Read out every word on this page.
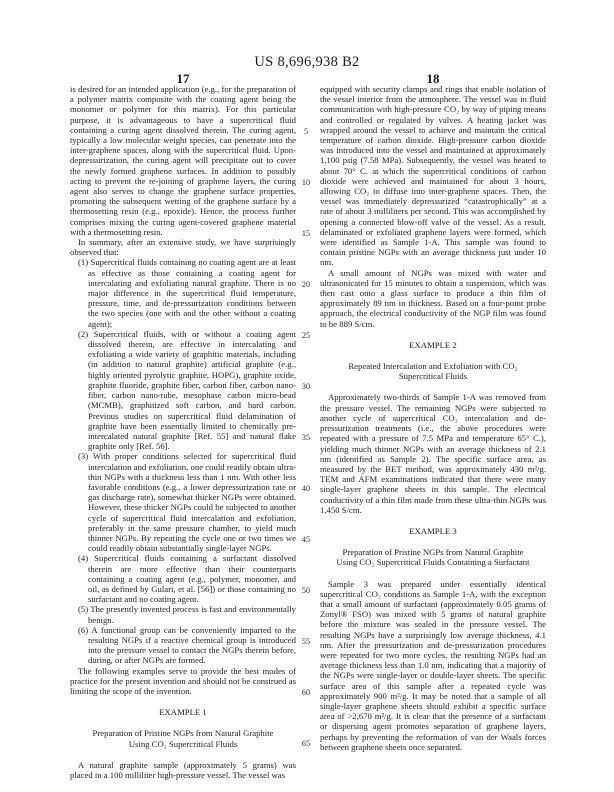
US 8,696,938 B2
17	18
5
10
15
20
25
30
35
40
45
50
55
60
65
is desired for an intended application (e.g., for the preparation of a polymer matrix composite with the coating agent being the monomer or polymer for this matrix). For this particular purpose, it is advantageous to have a supercritical fluid containing a curing agent dissolved therein. The curing agent, typically a low molecular weight species, can penetrate into the inter-graphene spaces, along with the supercritical fluid. Upon-depressurization, the curing agent will precipitate out to cover the newly formed graphene surfaces. In addition to possibly acting to prevent the re-joining of graphene layers, the curing agent also serves to change the graphene surface properties, promoting the subsequent wetting of the graphene surface by a thermosetting resin (e.g., epoxide). Hence, the process further comprises mixing the curing agent-covered graphene material with a thermosetting resin.
In summary, after an extensive study, we have surprisingly observed that:
(1) Supercritical fluids containing no coating agent are at least as effective as those containing a coating agent for intercalating and exfoliating natural graphite. There is no major difference in the supercritical fluid temperature, pressure, time, and de-pressurization conditions between the two species (one with and the other without a coating agent);
(2) Supercritical fluids, with or without a coating agent dissolved therein, are effective in intercalating and exfoliating a wide variety of graphitic materials, including (in addition to natural graphite) artificial graphite (e.g., highly oriented pyrolytic graphite, HOPG), graphite oxide, graphite fluoride, graphite fiber, carbon fiber, carbon nano-fiber, carbon nano-tube, mesophase carbon micro-bead (MCMB), graphitized soft carbon, and hard carbon. Previous studies on supercritical fluid delamination of graphite have been essentially limited to chemically pre-intercalated natural graphite [Ref. 55] and natural flake graphite only [Ref. 56].
(3) With proper conditions selected for supercritical fluid intercalation and exfoliation, one could readily obtain ultra-thin NGPs with a thickness less than 1 nm. With other less favorable conditions (e.g., a lower depressurization rate or gas discharge rate), somewhat thicker NGPs were obtained. However, these thicker NGPs could be subjected to another cycle of supercritical fluid intercalation and exfoliation, preferably in the same pressure chamber, to yield much thinner NGPs. By repeating the cycle one or two times we could readily obtain substantially single-layer NGPs.
(4) Supercritical fluids containing a surfactant dissolved therein are more effective than their counterparts containing a coating agent (e.g., polymer, monomer, and oil, as defined by Gulari, et al. [56]) or those containing no surfactant and no coating agent.
(5) The presently invented process is fast and environmentally benign.
(6) A functional group can be conveniently imparted to the resulting NGPs if a reactive chemical group is introduced into the pressure vessel to contact the NGPs therein before, during, or after NGPs are formed.
The following examples serve to provide the best modes of practice for the present invention and should not be construed as limiting the scope of the invention.
EXAMPLE 1
Preparation of Pristine NGPs from Natural Graphite Using CO₂ Supercritical Fluids
A natural graphite sample (approximately 5 grams) was placed in a 100 milliliter high-pressure vessel. The vessel was
equipped with security clamps and rings that enable isolation of the vessel interior from the atmosphere. The vessel was in fluid communication with high-pressure CO₂ by way of piping means and controlled or regulated by valves. A heating jacket was wrapped around the vessel to achieve and maintain the critical temperature of carbon dioxide. High-pressure carbon dioxide was introduced into the vessel and maintained at approximately 1,100 psig (7.58 MPa). Subsequently, the vessel was heated to about 70° C. at which the supercritical conditions of carbon dioxide were achieved and maintained for about 3 hours, allowing CO₂ to diffuse into inter-graphene spaces. Then, the vessel was immediately depressurized “catastrophically” at a rate of about 3 milliliters per second. This was accomplished by opening a connected blow-off valve of the vessel. As a result, delaminated or exfoliated graphene layers were formed, which were identified as Sample 1-A. This sample was found to contain pristine NGPs with an average thickness just under 10 nm.
A small amount of NGPs was mixed with water and ultrasonicated for 15 minutes to obtain a suspension, which was then cast onto a glass surface to produce a thin film of approximately 89 nm in thickness. Based on a four-point probe approach, the electrical conductivity of the NGP film was found to be 889 S/cm.
EXAMPLE 2
Repeated Intercalation and Exfoliation with CO₂ Supercritical Fluids
Approximately two-thirds of Sample 1-A was removed from the pressure vessel. The remaining NGPs were subjected to another cycle of supercritical CO₂ intercalation and de-pressurization treatments (i.e., the above procedures were repeated with a pressure of 7.5 MPa and temperature 65° C.), yielding much thinner NGPs with an average thickness of 2.1 nm (identified as Sample 2). The specific surface area, as measured by the BET method, was approximately 430 m²/g. TEM and AFM examinations indicated that there were many single-layer graphene sheets in this sample. The electrical conductivity of a thin film made from these ultra-thin NGPs was 1,450 S/cm.
EXAMPLE 3
Preparation of Pristine NGPs from Natural Graphite Using CO₂ Supercritical Fluids Containing a Surfactant
Sample 3 was prepared under essentially identical supercritical CO₂ conditions as Sample 1-A, with the exception that a small amount of surfactant (approximately 0.05 grams of Zonyl® FSO) was mixed with 5 grams of natural graphite before the mixture was sealed in the pressure vessel. The resulting NGPs have a surprisingly low average thickness, 4.1 nm. After the pressurization and de-pressurization procedures were repeated for two more cycles, the resulting NGPs had an average thickness less than 1.0 nm, indicating that a majority of the NGPs were single-layer or double-layer sheets. The specific surface area of this sample after a repeated cycle was approximately 900 m²/g. It may be noted that a sample of all single-layer graphene sheets should exhibit a specific surface area of >2,670 m²/g. It is clear that the presence of a surfactant or dispersing agent promotes separation of graphene layers, perhaps by preventing the reformation of van der Waals forces between graphene sheets once separated.
